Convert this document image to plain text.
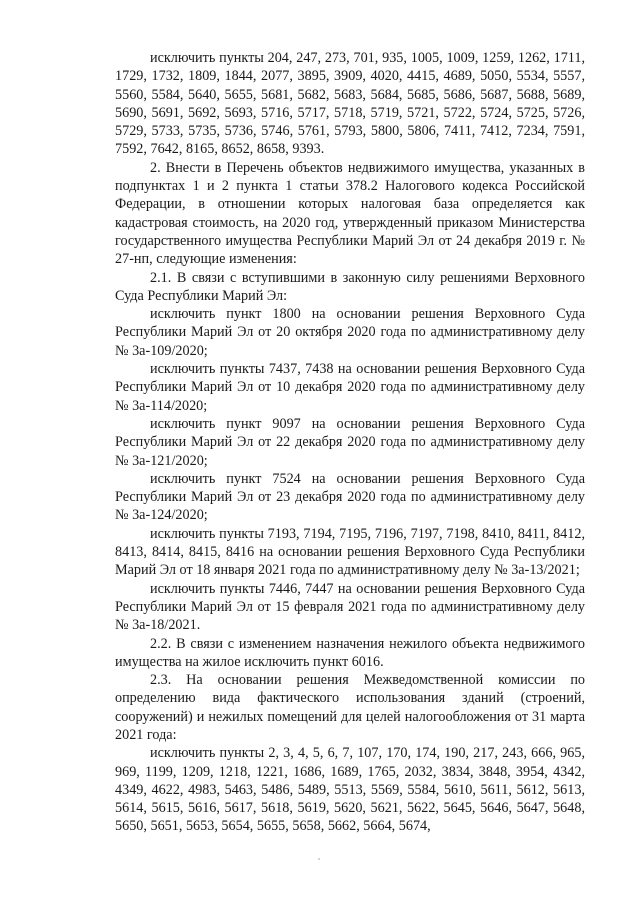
исключить пункты 204, 247, 273, 701, 935, 1005, 1009, 1259, 1262, 1711, 1729, 1732, 1809, 1844, 2077, 3895, 3909, 4020, 4415, 4689, 5050, 5534, 5557, 5560, 5584, 5640, 5655, 5681, 5682, 5683, 5684, 5685, 5686, 5687, 5688, 5689, 5690, 5691, 5692, 5693, 5716, 5717, 5718, 5719, 5721, 5722, 5724, 5725, 5726, 5729, 5733, 5735, 5736, 5746, 5761, 5793, 5800, 5806, 7411, 7412, 7234, 7591, 7592, 7642, 8165, 8652, 8658, 9393.

2. Внести в Перечень объектов недвижимого имущества, указанных в подпунктах 1 и 2 пункта 1 статьи 378.2 Налогового кодекса Российской Федерации, в отношении которых налоговая база определяется как кадастровая стоимость, на 2020 год, утвержденный приказом Министерства государственного имущества Республики Марий Эл от 24 декабря 2019 г. № 27-нп, следующие изменения:

2.1. В связи с вступившими в законную силу решениями Верховного Суда Республики Марий Эл:

исключить пункт 1800 на основании решения Верховного Суда Республики Марий Эл от 20 октября 2020 года по административному делу № 3а-109/2020;

исключить пункты 7437, 7438 на основании решения Верховного Суда Республики Марий Эл от 10 декабря 2020 года по административному делу № 3а-114/2020;

исключить пункт 9097 на основании решения Верховного Суда Республики Марий Эл от 22 декабря 2020 года по административному делу № 3а-121/2020;

исключить пункт 7524 на основании решения Верховного Суда Республики Марий Эл от 23 декабря 2020 года по административному делу № 3а-124/2020;

исключить пункты 7193, 7194, 7195, 7196, 7197, 7198, 8410, 8411, 8412, 8413, 8414, 8415, 8416 на основании решения Верховного Суда Республики Марий Эл от 18 января 2021 года по административному делу № 3а-13/2021;

исключить пункты 7446, 7447 на основании решения Верховного Суда Республики Марий Эл от 15 февраля 2021 года по административному делу № 3а-18/2021.

2.2. В связи с изменением назначения нежилого объекта недвижимого имущества на жилое исключить пункт 6016.

2.3. На основании решения Межведомственной комиссии по определению вида фактического использования зданий (строений, сооружений) и нежилых помещений для целей налогообложения от 31 марта 2021 года:

исключить пункты 2, 3, 4, 5, 6, 7, 107, 170, 174, 190, 217, 243, 666, 965, 969, 1199, 1209, 1218, 1221, 1686, 1689, 1765, 2032, 3834, 3848, 3954, 4342, 4349, 4622, 4983, 5463, 5486, 5489, 5513, 5569, 5584, 5610, 5611, 5612, 5613, 5614, 5615, 5616, 5617, 5618, 5619, 5620, 5621, 5622, 5645, 5646, 5647, 5648, 5650, 5651, 5653, 5654, 5655, 5658, 5662, 5664, 5674,
